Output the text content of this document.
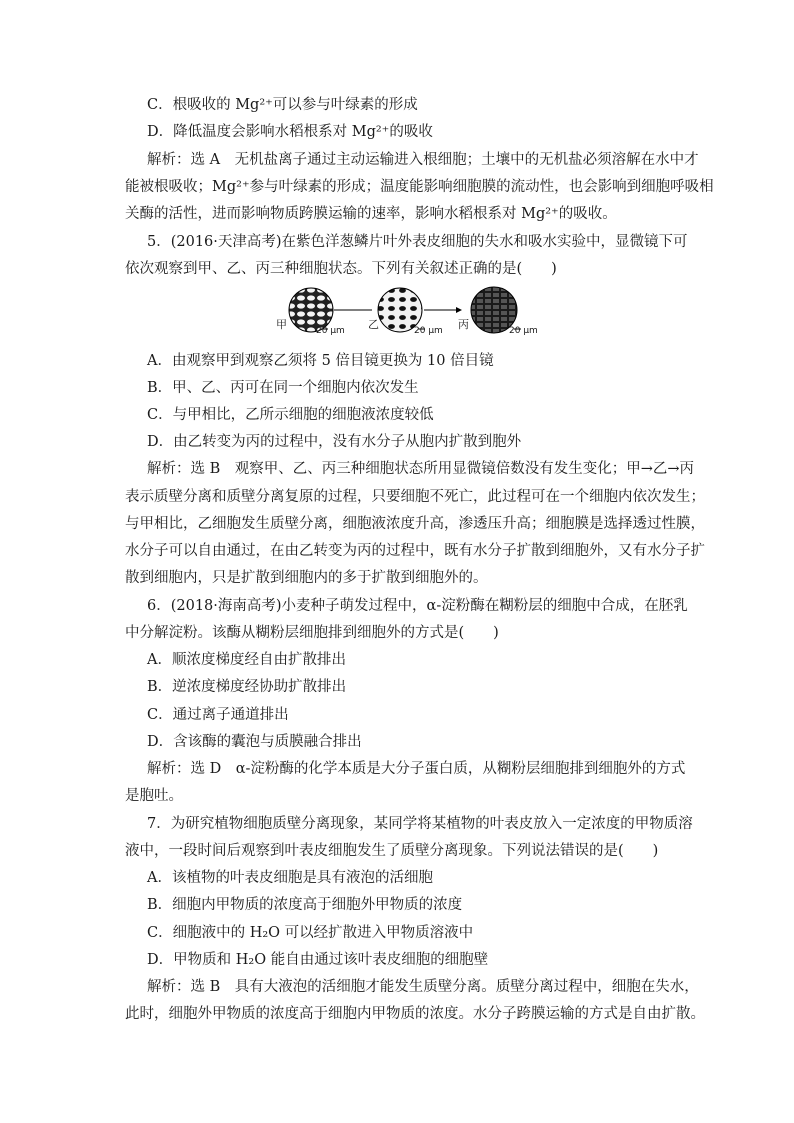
C．根吸收的 Mg²⁺可以参与叶绿素的形成
D．降低温度会影响水稻根系对 Mg²⁺的吸收
解析：选 A　无机盐离子通过主动运输进入根细胞；土壤中的无机盐必须溶解在水中才
能被根吸收；Mg²⁺参与叶绿素的形成；温度能影响细胞膜的流动性，也会影响到细胞呼吸相
关酶的活性，进而影响物质跨膜运输的速率，影响水稻根系对 Mg²⁺的吸收。
5．(2016·天津高考)在紫色洋葱鳞片叶外表皮细胞的失水和吸水实验中，显微镜下可
依次观察到甲、乙、丙三种细胞状态。下列有关叙述正确的是(　　)
甲	乙	丙
20 μm	20 μm	20 μm
A．由观察甲到观察乙须将 5 倍目镜更换为 10 倍目镜
B．甲、乙、丙可在同一个细胞内依次发生
C．与甲相比，乙所示细胞的细胞液浓度较低
D．由乙转变为丙的过程中，没有水分子从胞内扩散到胞外
解析：选 B　观察甲、乙、丙三种细胞状态所用显微镜倍数没有发生变化；甲→乙→丙
表示质壁分离和质壁分离复原的过程，只要细胞不死亡，此过程可在一个细胞内依次发生；
与甲相比，乙细胞发生质壁分离，细胞液浓度升高，渗透压升高；细胞膜是选择透过性膜，
水分子可以自由通过，在由乙转变为丙的过程中，既有水分子扩散到细胞外，又有水分子扩
散到细胞内，只是扩散到细胞内的多于扩散到细胞外的。
6．(2018·海南高考)小麦种子萌发过程中，α-淀粉酶在糊粉层的细胞中合成，在胚乳
中分解淀粉。该酶从糊粉层细胞排到细胞外的方式是(　　)
A．顺浓度梯度经自由扩散排出
B．逆浓度梯度经协助扩散排出
C．通过离子通道排出
D．含该酶的囊泡与质膜融合排出
解析：选 D　α-淀粉酶的化学本质是大分子蛋白质，从糊粉层细胞排到细胞外的方式
是胞吐。
7．为研究植物细胞质壁分离现象，某同学将某植物的叶表皮放入一定浓度的甲物质溶
液中，一段时间后观察到叶表皮细胞发生了质壁分离现象。下列说法错误的是(　　)
A．该植物的叶表皮细胞是具有液泡的活细胞
B．细胞内甲物质的浓度高于细胞外甲物质的浓度
C．细胞液中的 H₂O 可以经扩散进入甲物质溶液中
D．甲物质和 H₂O 能自由通过该叶表皮细胞的细胞壁
解析：选 B　具有大液泡的活细胞才能发生质壁分离。质壁分离过程中，细胞在失水，
此时，细胞外甲物质的浓度高于细胞内甲物质的浓度。水分子跨膜运输的方式是自由扩散。
